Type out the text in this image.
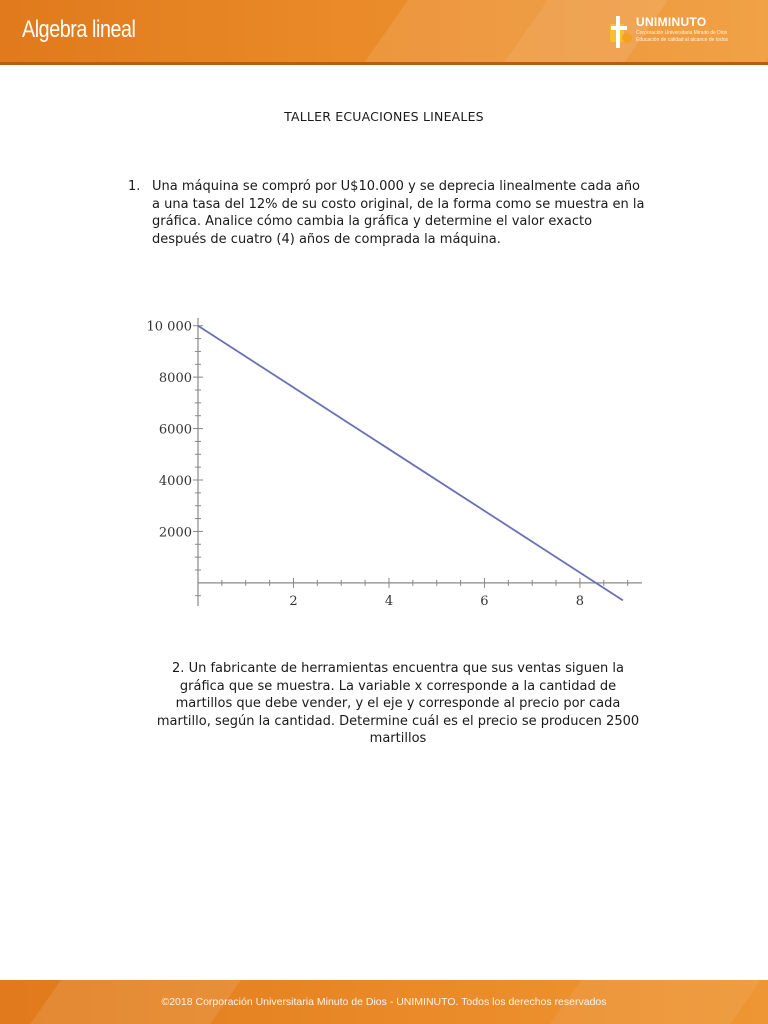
Algebra lineal	UNIMINUTO
Corporación Universitaria Minuto de Dios
Educación de calidad al alcance de todos
TALLER ECUACIONES LINEALES
1. Una máquina se compró por U$10.000 y se deprecia linealmente cada año a una tasa del 12% de su costo original, de la forma como se muestra en la gráfica. Analice cómo cambia la gráfica y determine el valor exacto después de cuatro (4) años de comprada la máquina.
2	4	6	8
2000
4000
6000
8000
10 000
2. Un fabricante de herramientas encuentra que sus ventas siguen la gráfica que se muestra. La variable x corresponde a la cantidad de martillos que debe vender, y el eje y corresponde al precio por cada martillo, según la cantidad. Determine cuál es el precio se producen 2500 martillos
©2018 Corporación Universitaria Minuto de Dios - UNIMINUTO. Todos los derechos reservados
